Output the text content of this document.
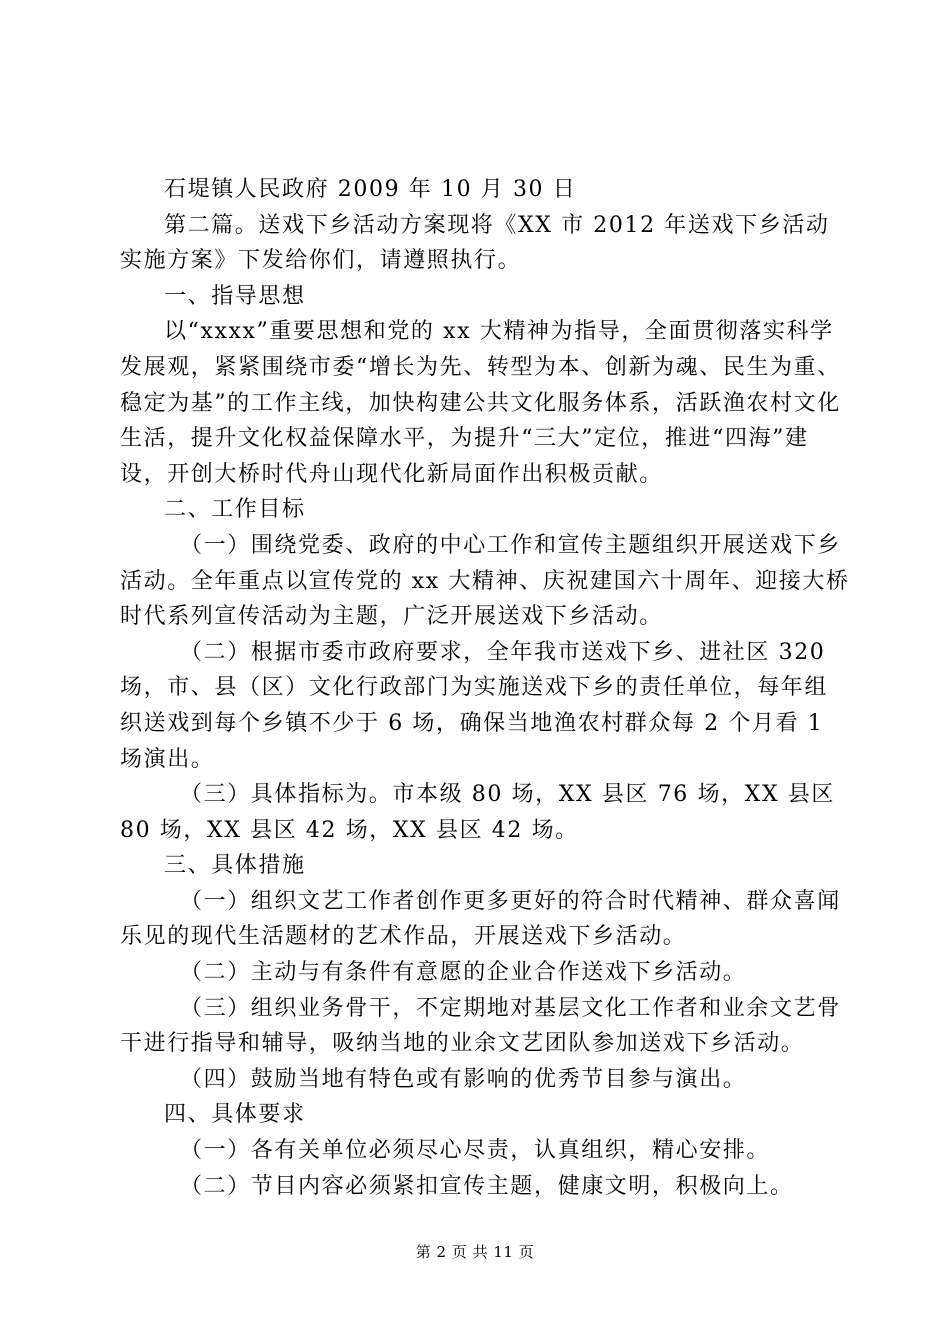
石堤镇人民政府 2009 年 10 月 30 日

第二篇。送戏下乡活动方案现将《XX 市 2012 年送戏下乡活动实施方案》下发给你们，请遵照执行。

一、指导思想

以“xxxx”重要思想和党的 xx 大精神为指导，全面贯彻落实科学发展观，紧紧围绕市委“增长为先、转型为本、创新为魂、民生为重、稳定为基”的工作主线，加快构建公共文化服务体系，活跃渔农村文化生活，提升文化权益保障水平，为提升“三大”定位，推进“四海”建设，开创大桥时代舟山现代化新局面作出积极贡献。

二、工作目标

（一）围绕党委、政府的中心工作和宣传主题组织开展送戏下乡活动。全年重点以宣传党的 xx 大精神、庆祝建国六十周年、迎接大桥时代系列宣传活动为主题，广泛开展送戏下乡活动。

（二）根据市委市政府要求，全年我市送戏下乡、进社区 320 场，市、县（区）文化行政部门为实施送戏下乡的责任单位，每年组织送戏到每个乡镇不少于 6 场，确保当地渔农村群众每 2 个月看 1 场演出。

（三）具体指标为。市本级 80 场，XX 县区 76 场，XX 县区 80 场，XX 县区 42 场，XX 县区 42 场。

三、具体措施

（一）组织文艺工作者创作更多更好的符合时代精神、群众喜闻乐见的现代生活题材的艺术作品，开展送戏下乡活动。

（二）主动与有条件有意愿的企业合作送戏下乡活动。

（三）组织业务骨干，不定期地对基层文化工作者和业余文艺骨干进行指导和辅导，吸纳当地的业余文艺团队参加送戏下乡活动。

（四）鼓励当地有特色或有影响的优秀节目参与演出。

四、具体要求

（一）各有关单位必须尽心尽责，认真组织，精心安排。

（二）节目内容必须紧扣宣传主题，健康文明，积极向上。

第 2 页 共 11 页
